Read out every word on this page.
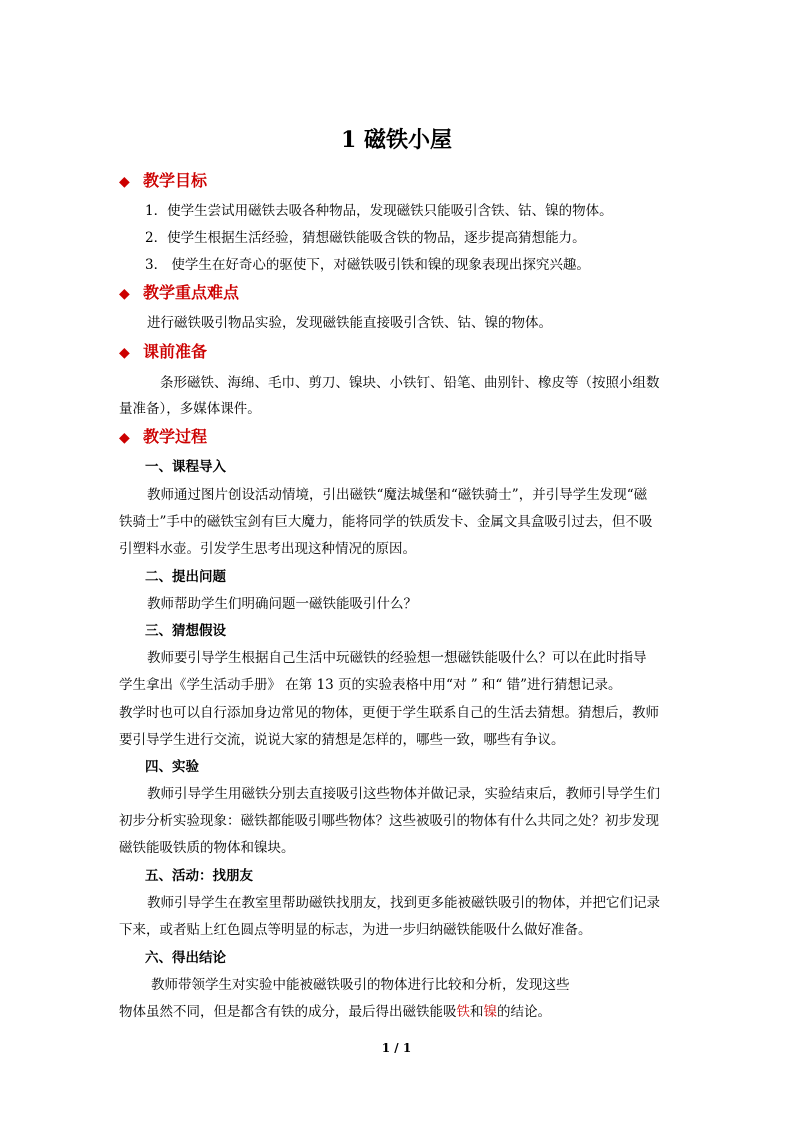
1 磁铁小屋
◆ 教学目标
1．使学生尝试用磁铁去吸各种物品，发现磁铁只能吸引含铁、钴、镍的物体。
2．使学生根据生活经验，猜想磁铁能吸含铁的物品，逐步提高猜想能力。
3． 使学生在好奇心的驱使下，对磁铁吸引铁和镍的现象表现出探究兴趣。
◆ 教学重点难点
进行磁铁吸引物品实验，发现磁铁能直接吸引含铁、钴、镍的物体。
◆ 课前准备
条形磁铁、海绵、毛巾、剪刀、镍块、小铁钉、铅笔、曲别针、橡皮等（按照小组数
量准备），多媒体课件。
◆ 教学过程
一、课程导入
教师通过图片创设活动情境，引出磁铁“魔法城堡和“磁铁骑士”，并引导学生发现“磁
铁骑士”手中的磁铁宝剑有巨大魔力，能将同学的铁质发卡、金属文具盒吸引过去，但不吸
引塑料水壶。引发学生思考出现这种情况的原因。
二、提出问题
教师帮助学生们明确问题一磁铁能吸引什么？
三、猜想假设
教师要引导学生根据自己生活中玩磁铁的经验想一想磁铁能吸什么？可以在此时指导
学生拿出《学生活动手册》 在第 13 页的实验表格中用“对 ” 和“ 错”进行猜想记录。
教学时也可以自行添加身边常见的物体，更便于学生联系自己的生活去猜想。猜想后，教师
要引导学生进行交流，说说大家的猜想是怎样的，哪些一致，哪些有争议。
四、实验
教师引导学生用磁铁分别去直接吸引这些物体并做记录，实验结束后，教师引导学生们
初步分析实验现象：磁铁都能吸引哪些物体？这些被吸引的物体有什么共同之处？初步发现
磁铁能吸铁质的物体和镍块。
五、活动：找朋友
教师引导学生在教室里帮助磁铁找朋友，找到更多能被磁铁吸引的物体，并把它们记录
下来，或者贴上红色圆点等明显的标志，为进一步归纳磁铁能吸什么做好准备。
六、得出结论
教师带领学生对实验中能被磁铁吸引的物体进行比较和分析，发现这些
物体虽然不同，但是都含有铁的成分，最后得出磁铁能吸铁和镍的结论。
1 / 1
